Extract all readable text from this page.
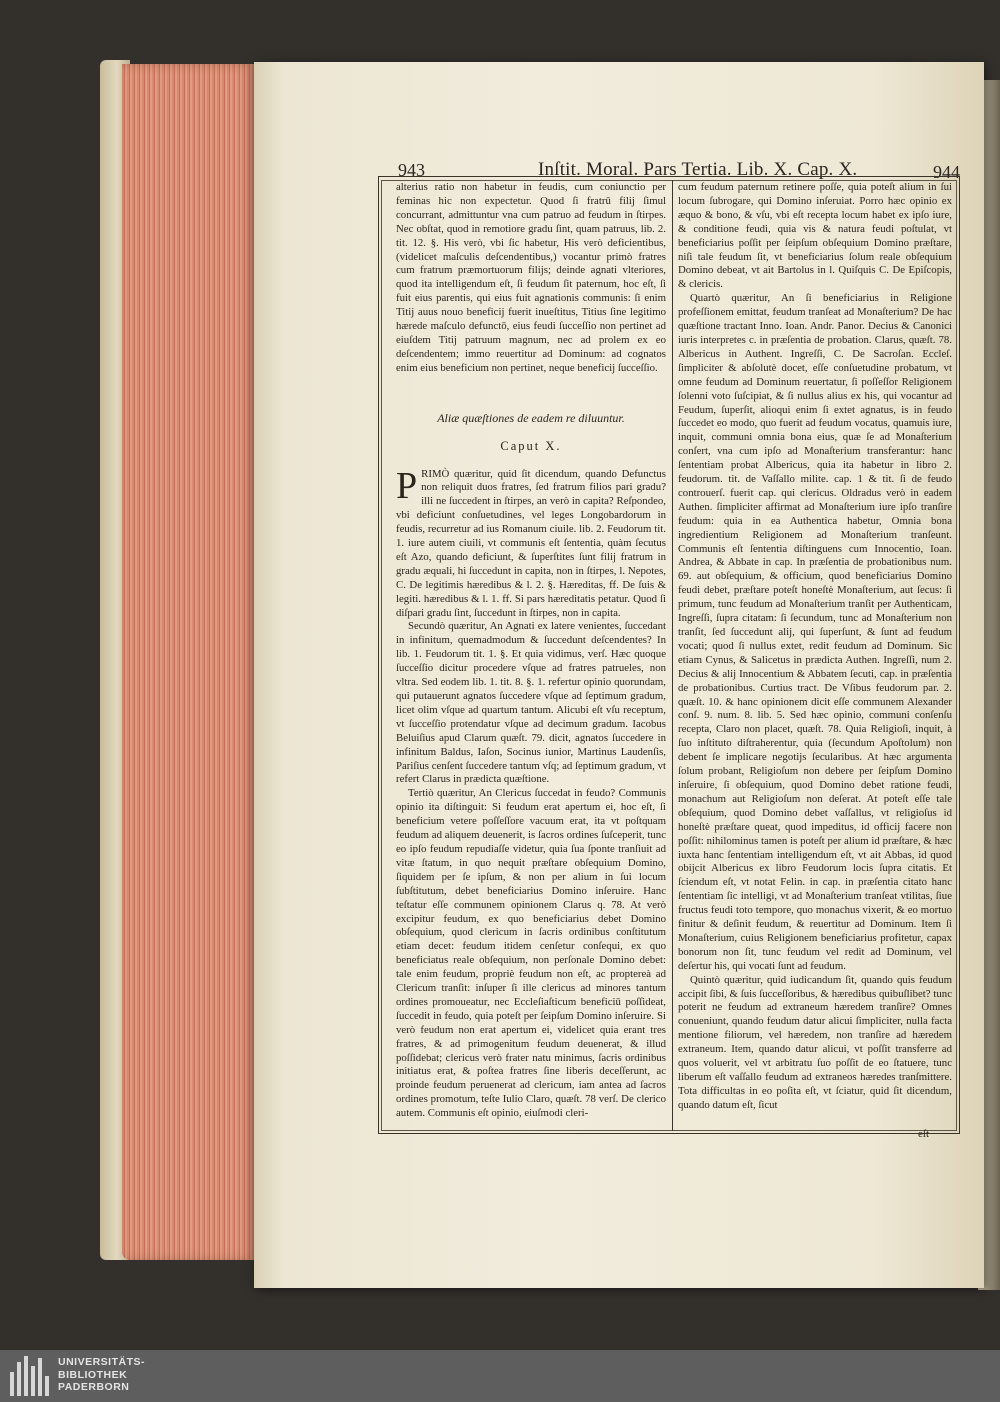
943	Inſtit. Moral. Pars Tertia. Lib. X. Cap. X.	944

alterius ratio non habetur in feudis, cum coniunctio per feminas hic non expectetur. Quod ſi fratrū filij ſimul concurrant, admittuntur vna cum patruo ad feudum in ſtirpes. Nec obſtat, quod in remotiore gradu ſint, quam patruus, lib. 2. tit. 12. §. His verò, vbi ſic habetur, His verò deficientibus, (videlicet maſculis deſcendentibus,) vocantur primò fratres cum fratrum præmortuorum filijs; deinde agnati vlteriores, quod ita intelligendum eſt, ſi feudum ſit paternum, hoc eſt, ſi fuit eius parentis, qui eius fuit agnationis communis: ſi enim Titij auus nouo beneficij fuerit inueſtitus, Titius ſine legitimo hærede maſculo defunctō, eius feudi ſucceſſio non pertinet ad eiuſdem Titij patruum magnum, nec ad prolem ex eo deſcendentem; immo reuertitur ad Dominum: ad cognatos enim eius beneficium non pertinet, neque beneficij ſucceſſio.

Aliæ quæſtiones de eadem re diluuntur.
Caput X.

PRIMÒ quæritur, quid ſit dicendum, quando Defunctus non reliquit duos fratres, ſed fratrum filios pari gradu? illi ne ſuccedent in ſtirpes, an verò in capita? Reſpondeo, vbi deficiunt conſuetudines, vel leges Longobardorum in feudis, recurretur ad ius Romanum ciuile. lib. 2. Feudorum tit. 1. iure autem ciuili, vt communis eſt ſententia, quàm ſecutus eſt Azo, quando deficiunt, & ſuperſtites ſunt filij fratrum in gradu æquali, hi ſuccedunt in capita, non in ſtirpes, l. Nepotes, C. De legitimis hæredibus & l. 2. §. Hæreditas, ff. De ſuis & legiti. hæredibus & l. 1. ff. Si pars hæreditatis petatur. Quod ſi diſpari gradu ſint, ſuccedunt in ſtirpes, non in capita.

Secundò quæritur, An Agnati ex latere venientes, ſuccedant in infinitum, quemadmodum & ſuccedunt deſcendentes? In lib. 1. Feudorum tit. 1. §. Et quia vidimus, verſ. Hæc quoque ſucceſſio dicitur procedere vſque ad fratres patrueles, non vltra. Sed eodem lib. 1. tit. 8. §. 1. refertur opinio quorundam, qui putauerunt agnatos ſuccedere vſque ad ſeptimum gradum, licet olim vſque ad quartum tantum. Alicubi eſt vſu receptum, vt ſucceſſio protendatur vſque ad decimum gradum. Iacobus Beluiſius apud Clarum quæſt. 79. dicit, agnatos ſuccedere in infinitum Baldus, Iaſon, Socinus iunior, Martinus Laudenſis, Pariſius cenſent ſuccedere tantum vſq; ad ſeptimum gradum, vt refert Clarus in prædicta quæſtione.

Tertiò quæritur, An Clericus ſuccedat in feudo? Communis opinio ita diſtinguit: Si feudum erat apertum ei, hoc eſt, ſi beneficium vetere poſſeſſore vacuum erat, ita vt poſtquam feudum ad aliquem deuenerit, is ſacros ordines ſuſceperit, tunc eo ipſo feudum repudiaſſe videtur, quia ſua ſponte tranſiuit ad vitæ ſtatum, in quo nequit præſtare obſequium Domino, ſiquidem per ſe ipſum, & non per alium in ſui locum ſubſtitutum, debet beneficiarius Domino inſeruire. Hanc teſtatur eſſe communem opinionem Clarus q. 78. At verò excipitur feudum, ex quo beneficiarius debet Domino obſequium, quod clericum in ſacris ordinibus conſtitutum etiam decet: feudum itidem cenſetur conſequi, ex quo beneficiatus reale obſequium, non perſonale Domino debet: tale enim feudum, propriè feudum non eſt, ac proptereà ad Clericum tranſit: inſuper ſi ille clericus ad minores tantum ordines promoueatur, nec Eccleſiaſticum beneficiū poſſideat, ſuccedit in feudo, quia poteſt per ſeipſum Domino inſeruire. Si verò feudum non erat apertum ei, videlicet quia erant tres fratres, & ad primogenitum feudum deuenerat, & illud poſſidebat; clericus verò frater natu minimus, ſacris ordinibus initiatus erat, & poſtea fratres ſine liberis deceſſerunt, ac proinde feudum peruenerat ad clericum, iam antea ad ſacros ordines promotum, teſte Iulio Claro, quæſt. 78 verſ. De clerico autem. Communis eſt opinio, eiuſmodi cleri-

cum feudum paternum retinere poſſe, quia poteſt alium in ſui locum ſubrogare, qui Domino inſeruiat. Porro hæc opinio ex æquo & bono, & vſu, vbi eſt recepta locum habet ex ipſo iure, & conditione feudi, quia vis & natura feudi poſtulat, vt beneficiarius poſſit per ſeipſum obſequium Domino præſtare, niſi tale feudum ſit, vt beneficiarius ſolum reale obſequium Domino debeat, vt ait Bartolus in l. Quiſquis C. De Epiſcopis, & clericis.

Quartò quæritur, An ſi beneficiarius in Religione profeſſionem emittat, feudum tranſeat ad Monaſterium? De hac quæſtione tractant Inno. Ioan. Andr. Panor. Decius & Canonici iuris interpretes c. in præſentia de probation. Clarus, quæſt. 78. Albericus in Authent. Ingreſſi, C. De Sacroſan. Eccleſ. ſimpliciter & abſolutè docet, eſſe conſuetudine probatum, vt omne feudum ad Dominum reuertatur, ſi poſſeſſor Religionem ſolenni voto ſuſcipiat, & ſi nullus alius ex his, qui vocantur ad Feudum, ſuperſit, alioqui enim ſi extet agnatus, is in feudo ſuccedet eo modo, quo fuerit ad feudum vocatus, quamuis iure, inquit, communi omnia bona eius, quæ ſe ad Monaſterium conſert, vna cum ipſo ad Monaſterium transferantur: hanc ſententiam probat Albericus, quia ita habetur in libro 2. feudorum. tit. de Vaſſallo milite. cap. 1 & tit. ſi de feudo controuerſ. fuerit cap. qui clericus. Oldradus verò in eadem Authen. ſimpliciter affirmat ad Monaſterium iure ipſo tranſire feudum: quia in ea Authentica habetur, Omnia bona ingredientium Religionem ad Monaſterium tranſeunt. Communis eſt ſententia diſtinguens cum Innocentio, Ioan. Andrea, & Abbate in cap. In præſentia de probationibus num. 69. aut obſequium, & officium, quod beneficiarius Domino feudi debet, præſtare poteſt honeſtè Monaſterium, aut ſecus: ſi primum, tunc feudum ad Monaſterium tranſit per Authenticam, Ingreſſi, ſupra citatam: ſi ſecundum, tunc ad Monaſterium non tranſit, ſed ſuccedunt alij, qui ſuperſunt, & ſunt ad feudum vocati; quod ſi nullus extet, redit feudum ad Dominum. Sic etiam Cynus, & Salicetus in prædicta Authen. Ingreſſi, num 2. Decius & alij Innocentium & Abbatem ſecuti, cap. in præſentia de probationibus. Curtius tract. De Vſibus feudorum par. 2. quæſt. 10. & hanc opinionem dicit eſſe communem Alexander conſ. 9. num. 8. lib. 5. Sed hæc opinio, communi conſenſu recepta, Claro non placet, quæſt. 78. Quia Religioſi, inquit, à ſuo inſtituto diſtraherentur, quia (ſecundum Apoſtolum) non debent ſe implicare negotijs ſecularibus. At hæc argumenta ſolum probant, Religioſum non debere per ſeipſum Domino inſeruire, ſi obſequium, quod Domino debet ratione feudi, monachum aut Religioſum non deſerat. At poteſt eſſe tale obſequium, quod Domino debet vaſſallus, vt religioſus id honeſtè præſtare queat, quod impeditus, id officij facere non poſſit: nihilominus tamen is poteſt per alium id præſtare, & hæc iuxta hanc ſententiam intelligendum eſt, vt ait Abbas, id quod obijcit Albericus ex libro Feudorum locis ſupra citatis. Et ſciendum eſt, vt notat Felin. in cap. in præſentia citato hanc ſententiam ſic intelligi, vt ad Monaſterium tranſeat vtilitas, ſiue fructus feudi toto tempore, quo monachus vixerit, & eo mortuo finitur & deſinit feudum, & reuertitur ad Dominum. Item ſi Monaſterium, cuius Religionem beneficiarius profitetur, capax bonorum non ſit, tunc feudum vel redit ad Dominum, vel deſertur his, qui vocati ſunt ad feudum.

Quintò quæritur, quid iudicandum ſit, quando quis feudum accipit ſibi, & ſuis ſucceſſoribus, & hæredibus quibuſlibet? tunc poterit ne feudum ad extraneum hæredem tranſire? Omnes conueniunt, quando feudum datur alicui ſimpliciter, nulla facta mentione filiorum, vel hæredem, non tranſire ad hæredem extraneum. Item, quando datur alicui, vt poſſit transferre ad quos voluerit, vel vt arbitratu ſuo poſſit de eo ſtatuere, tunc liberum eſt vaſſallo feudum ad extraneos hæredes tranſmittere. Tota difficultas in eo poſita eſt, vt ſciatur, quid ſit dicendum, quando datum eſt, ſicut

eſt
UNIVERSITÄTS-
BIBLIOTHEK
PADERBORN
